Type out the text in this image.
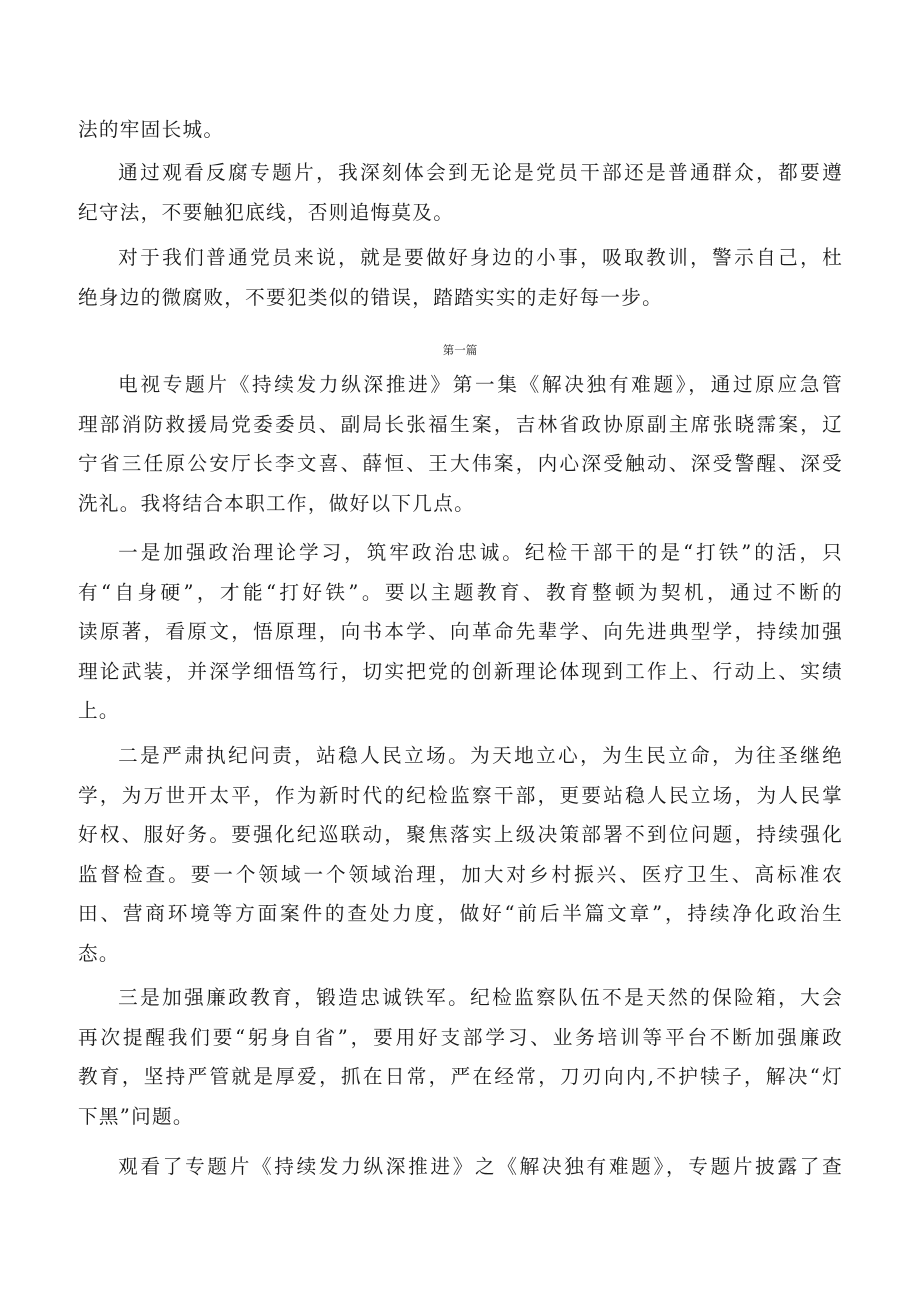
法的牢固长城。

通过观看反腐专题片，我深刻体会到无论是党员干部还是普通群众，都要遵
纪守法，不要触犯底线，否则追悔莫及。

对于我们普通党员来说，就是要做好身边的小事，吸取教训，警示自己，杜
绝身边的微腐败，不要犯类似的错误，踏踏实实的走好每一步。

第一篇

电视专题片《持续发力纵深推进》第一集《解决独有难题》，通过原应急管
理部消防救援局党委委员、副局长张福生案，吉林省政协原副主席张晓霈案，辽
宁省三任原公安厅长李文喜、薛恒、王大伟案，内心深受触动、深受警醒、深受
洗礼。我将结合本职工作，做好以下几点。

一是加强政治理论学习，筑牢政治忠诚。纪检干部干的是“打铁”的活，只
有“自身硬”，才能“打好铁”。要以主题教育、教育整顿为契机，通过不断的
读原著，看原文，悟原理，向书本学、向革命先辈学、向先进典型学，持续加强
理论武装，并深学细悟笃行，切实把党的创新理论体现到工作上、行动上、实绩
上。

二是严肃执纪问责，站稳人民立场。为天地立心，为生民立命，为往圣继绝
学，为万世开太平，作为新时代的纪检监察干部，更要站稳人民立场，为人民掌
好权、服好务。要强化纪巡联动，聚焦落实上级决策部署不到位问题，持续强化
监督检查。要一个领域一个领域治理，加大对乡村振兴、医疗卫生、高标准农
田、营商环境等方面案件的查处力度，做好“前后半篇文章”，持续净化政治生
态。

三是加强廉政教育，锻造忠诚铁军。纪检监察队伍不是天然的保险箱，大会
再次提醒我们要“躬身自省”，要用好支部学习、业务培训等平台不断加强廉政
教育，坚持严管就是厚爱，抓在日常，严在经常，刀刃向内,不护犊子，解决“灯
下黑”问题。

观看了专题片《持续发力纵深推进》之《解决独有难题》，专题片披露了查
